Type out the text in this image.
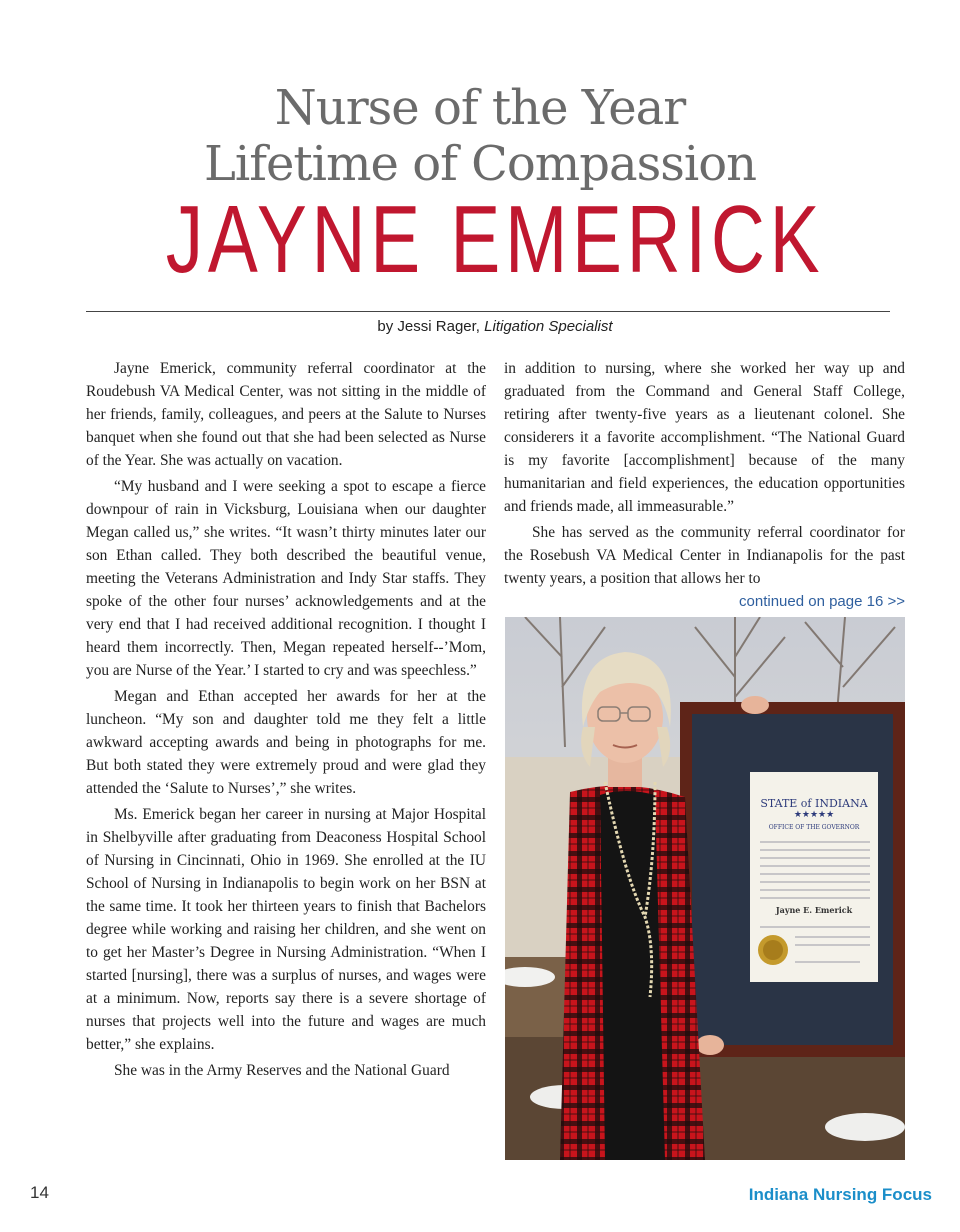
Nurse of the Year
Lifetime of Compassion
JAYNE EMERICK
by Jessi Rager, Litigation Specialist

Jayne Emerick, community referral coordinator at the Roudebush VA Medical Center, was not sitting in the middle of her friends, family, colleagues, and peers at the Salute to Nurses banquet when she found out that she had been selected as Nurse of the Year. She was actually on vacation.

“My husband and I were seeking a spot to escape a fierce downpour of rain in Vicksburg, Louisiana when our daughter Megan called us,” she writes. “It wasn’t thirty minutes later our son Ethan called. They both described the beautiful venue, meeting the Veterans Administration and Indy Star staffs. They spoke of the other four nurses’ acknowledgements and at the very end that I had received additional recognition. I thought I heard them incorrectly. Then, Megan repeated herself--’Mom, you are Nurse of the Year.’ I started to cry and was speechless.”

Megan and Ethan accepted her awards for her at the luncheon. “My son and daughter told me they felt a little awkward accepting awards and being in photographs for me. But both stated they were extremely proud and were glad they attended the ‘Salute to Nurses’,” she writes.

Ms. Emerick began her career in nursing at Major Hospital in Shelbyville after graduating from Deaconess Hospital School of Nursing in Cincinnati, Ohio in 1969. She enrolled at the IU School of Nursing in Indianapolis to begin work on her BSN at the same time. It took her thirteen years to finish that Bachelors degree while working and raising her children, and she went on to get her Master’s Degree in Nursing Administration. “When I started [nursing], there was a surplus of nurses, and wages were at a minimum. Now, reports say there is a severe shortage of nurses that projects well into the future and wages are much better,” she explains.

She was in the Army Reserves and the National Guard

in addition to nursing, where she worked her way up and graduated from the Command and General Staff College, retiring after twenty-five years as a lieutenant colonel. She considerers it a favorite accomplishment. “The National Guard is my favorite [accomplishment] because of the many humanitarian and field experiences, the education opportunities and friends made, all immeasurable.”

She has served as the community referral coordinator for the Rosebush VA Medical Center in Indianapolis for the past twenty years, a position that allows her to

continued on page 16 >>
STATE of INDIANA
★★★★★
OFFICE OF THE GOVERNOR
Jayne E. Emerick
14	Indiana Nursing Focus
